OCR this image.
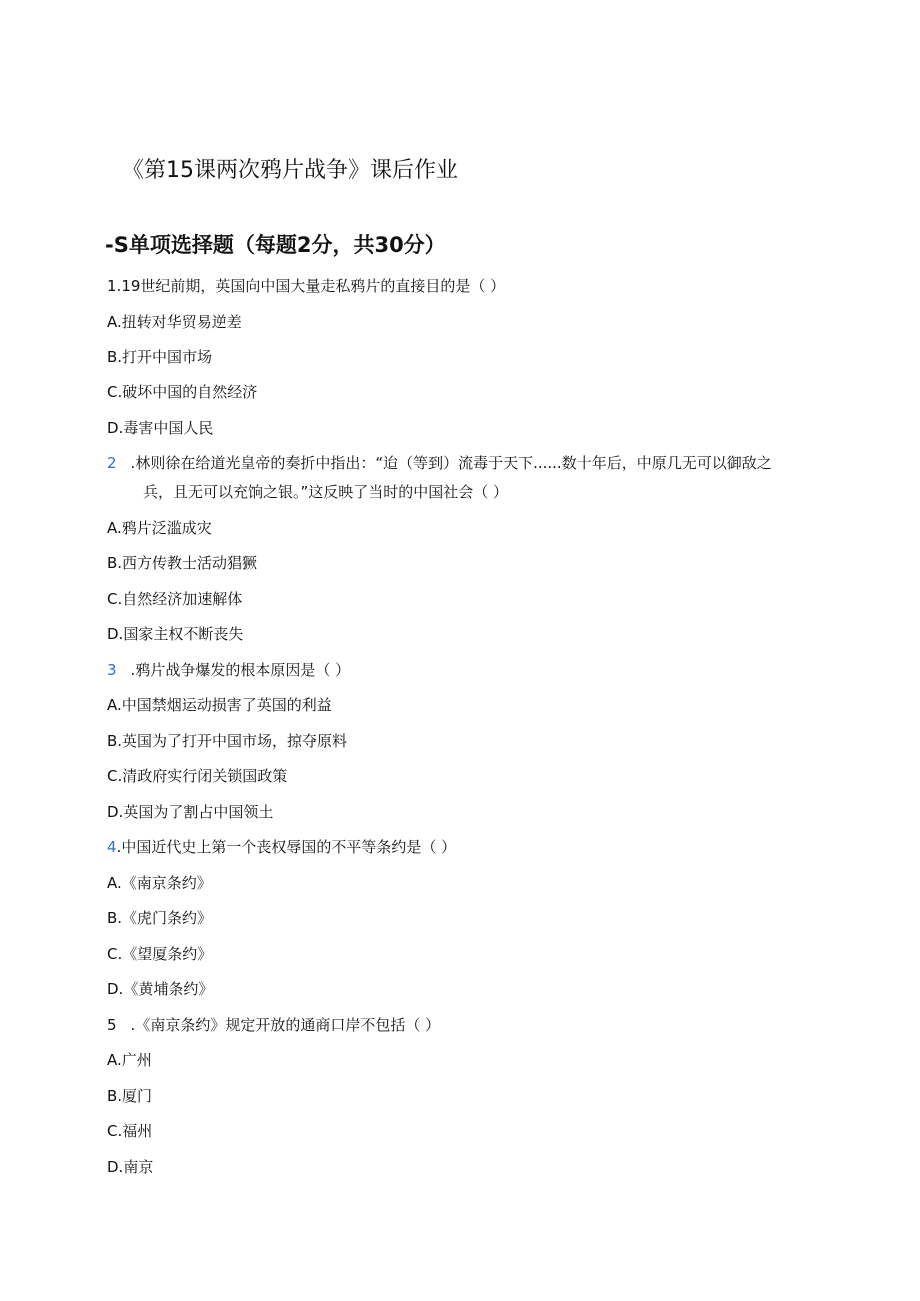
《第15课两次鸦片战争》课后作业
-S单项选择题（每题2分，共30分）
1.19世纪前期，英国向中国大量走私鸦片的直接目的是（ ）
A.扭转对华贸易逆差
B.打开中国市场
C.破坏中国的自然经济
D.毒害中国人民
2 .林则徐在给道光皇帝的奏折中指出：“迨（等到）流毒于天下......数十年后，中原几无可以御敌之
兵，且无可以充饷之银。”这反映了当时的中国社会（ ）
A.鸦片泛滥成灾
B.西方传教士活动猖獗
C.自然经济加速解体
D.国家主权不断丧失
3 .鸦片战争爆发的根本原因是（ ）
A.中国禁烟运动损害了英国的利益
B.英国为了打开中国市场，掠夺原料
C.清政府实行闭关锁国政策
D.英国为了割占中国领土
4.中国近代史上第一个丧权辱国的不平等条约是（ ）
A.《南京条约》
B.《虎门条约》
C.《望厦条约》
D.《黄埔条约》
5 .《南京条约》规定开放的通商口岸不包括（ ）
A.广州
B.厦门
C.福州
D.南京
